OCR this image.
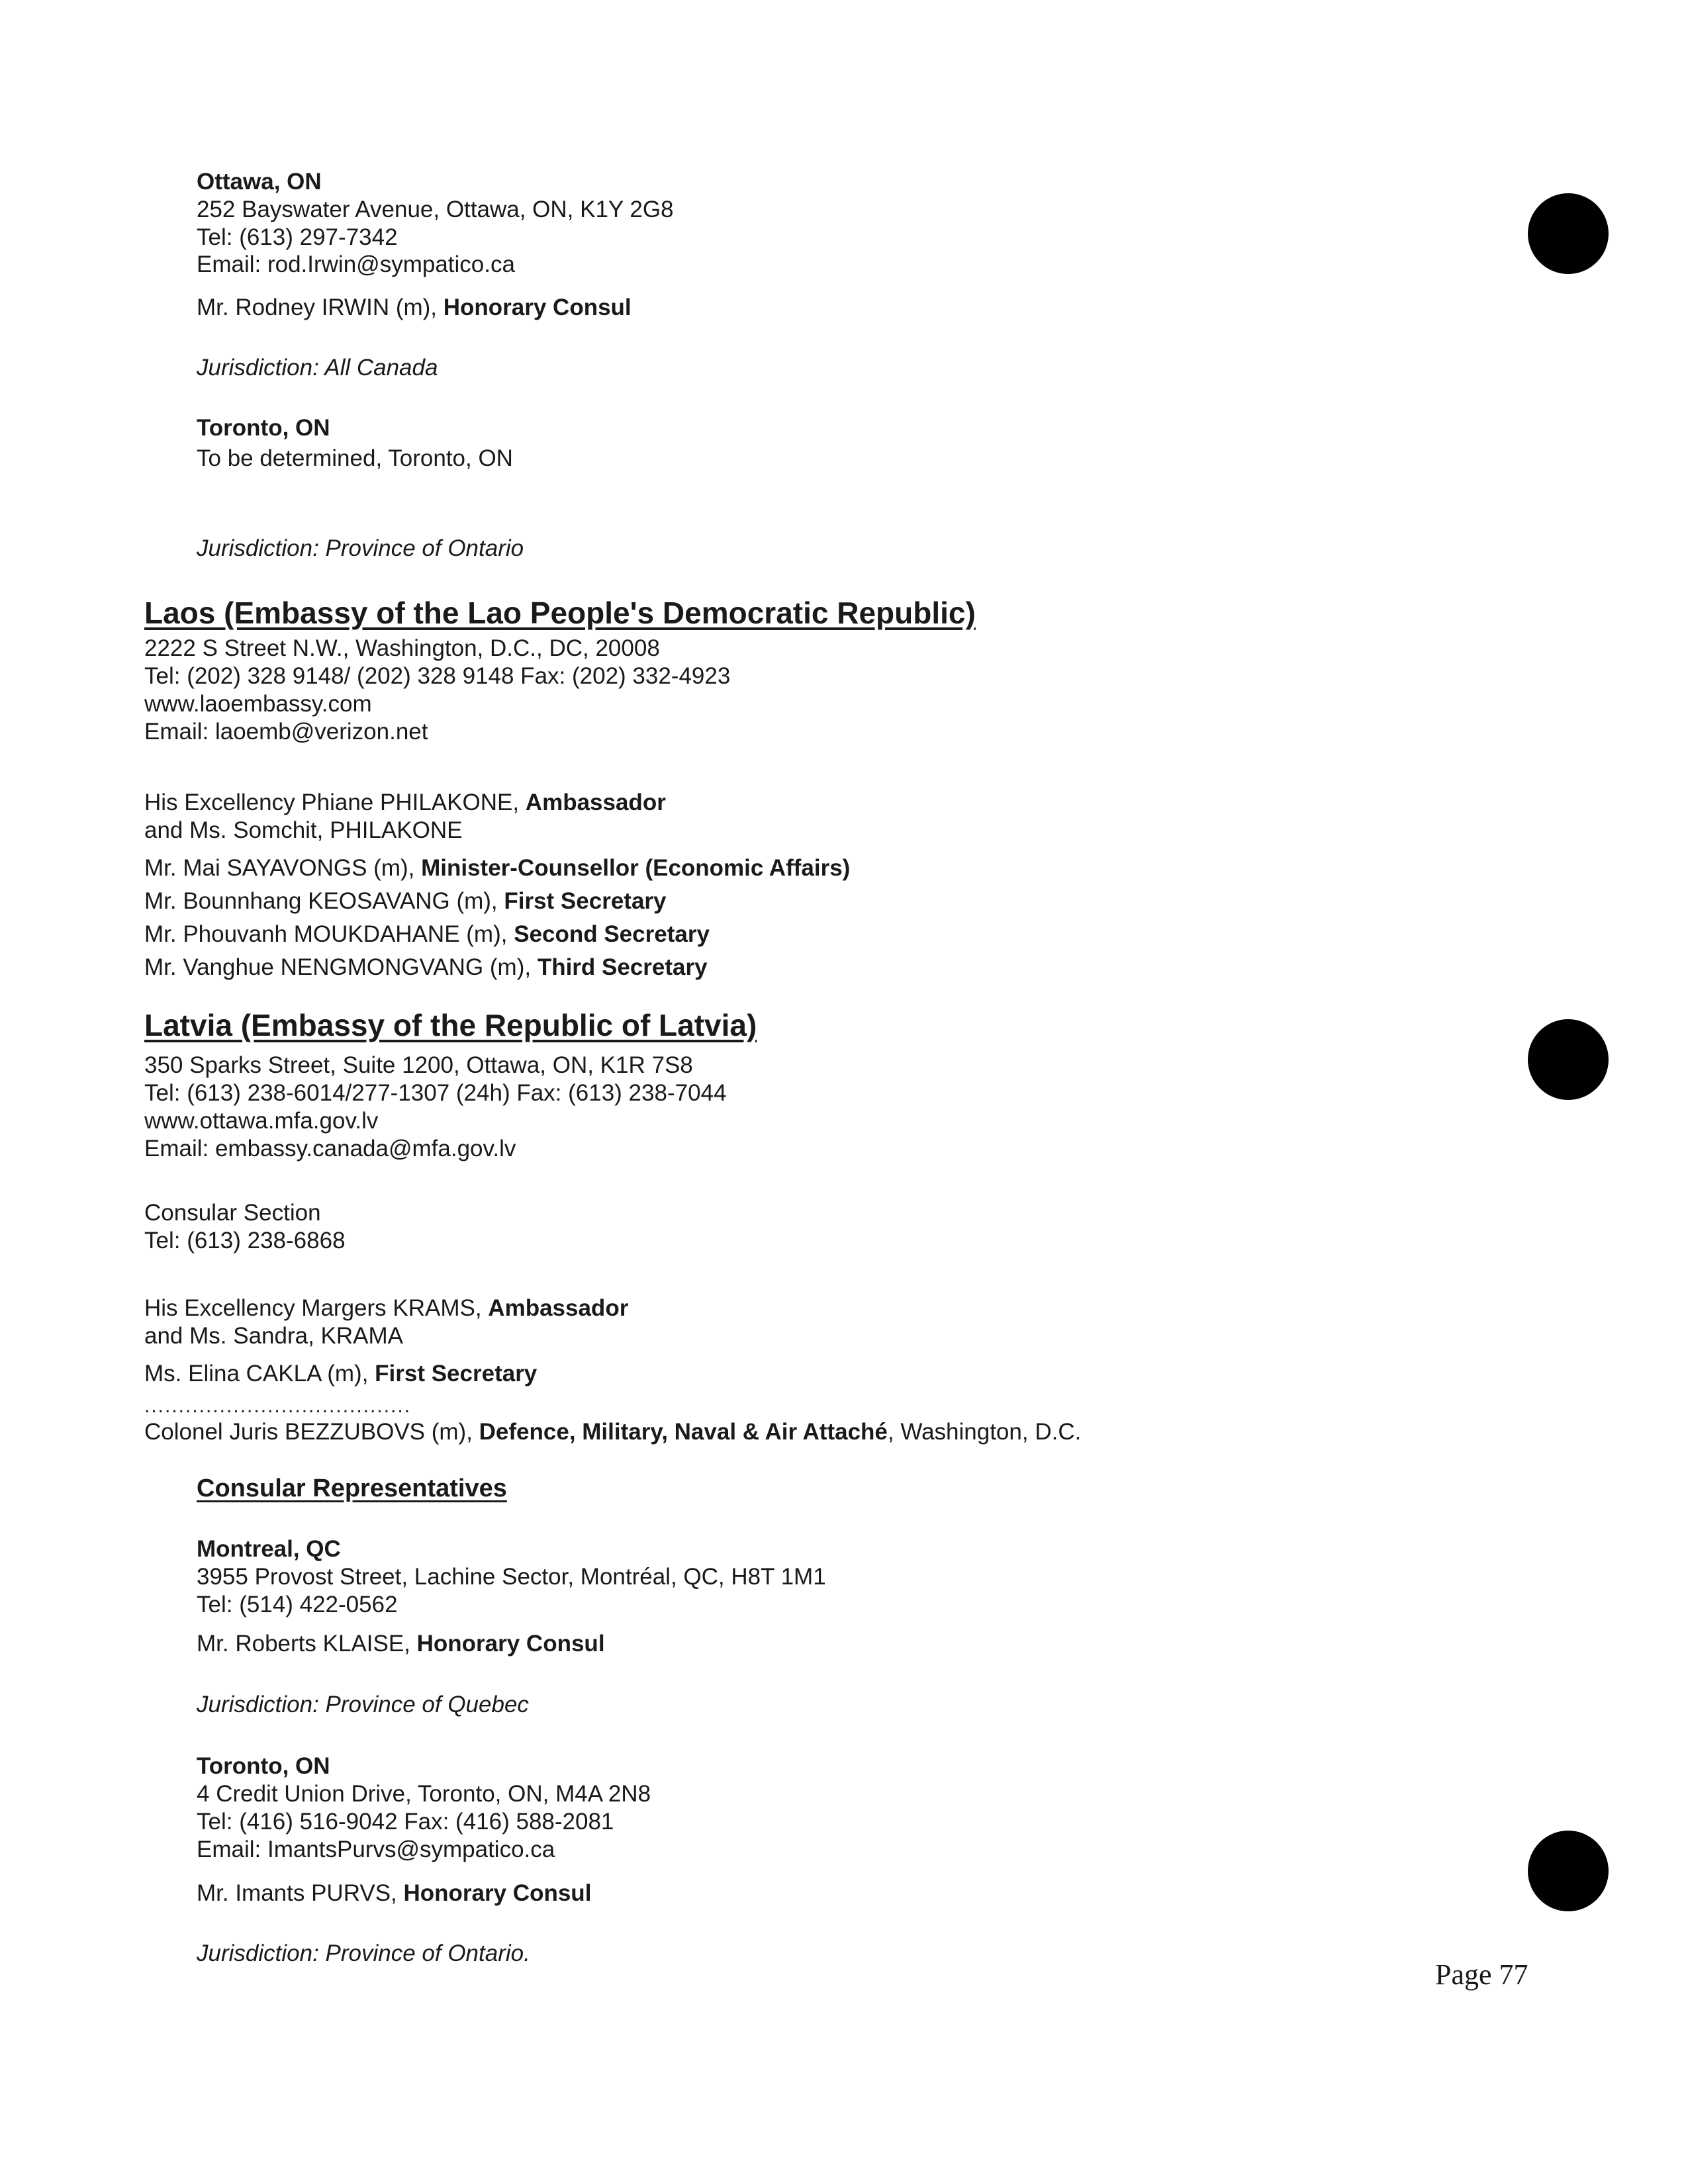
Ottawa, ON
252 Bayswater Avenue, Ottawa, ON, K1Y 2G8
Tel: (613) 297-7342
Email: rod.Irwin@sympatico.ca
Mr. Rodney IRWIN (m), Honorary Consul
Jurisdiction: All Canada
Toronto, ON
To be determined, Toronto, ON
Jurisdiction: Province of Ontario
Laos (Embassy of the Lao People's Democratic Republic)
2222 S Street N.W., Washington, D.C., DC, 20008
Tel: (202) 328 9148/ (202) 328 9148 Fax: (202) 332-4923
www.laoembassy.com
Email: laoemb@verizon.net
His Excellency Phiane PHILAKONE, Ambassador
and Ms. Somchit, PHILAKONE
Mr. Mai SAYAVONGS (m), Minister-Counsellor (Economic Affairs)
Mr. Bounnhang KEOSAVANG (m), First Secretary
Mr. Phouvanh MOUKDAHANE (m), Second Secretary
Mr. Vanghue NENGMONGVANG (m), Third Secretary
Latvia (Embassy of the Republic of Latvia)
350 Sparks Street, Suite 1200, Ottawa, ON, K1R 7S8
Tel: (613) 238-6014/277-1307 (24h) Fax: (613) 238-7044
www.ottawa.mfa.gov.lv
Email: embassy.canada@mfa.gov.lv
Consular Section
Tel: (613) 238-6868
His Excellency Margers KRAMS, Ambassador
and Ms. Sandra, KRAMA
Ms. Elina CAKLA (m), First Secretary
.......................................
Colonel Juris BEZZUBOVS (m), Defence, Military, Naval & Air Attaché, Washington, D.C.
Consular Representatives
Montreal, QC
3955 Provost Street, Lachine Sector, Montréal, QC, H8T 1M1
Tel: (514) 422-0562
Mr. Roberts KLAISE, Honorary Consul
Jurisdiction: Province of Quebec
Toronto, ON
4 Credit Union Drive, Toronto, ON, M4A 2N8
Tel: (416) 516-9042 Fax: (416) 588-2081
Email: ImantsPurvs@sympatico.ca
Mr. Imants PURVS, Honorary Consul
Jurisdiction: Province of Ontario.
Page 77
